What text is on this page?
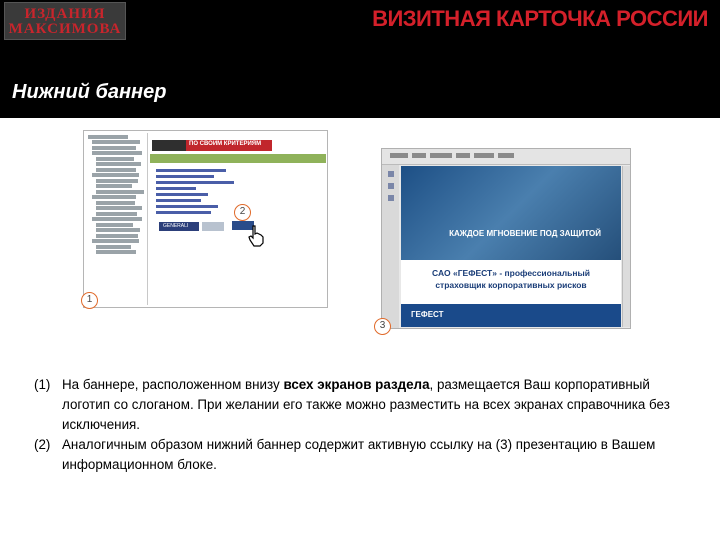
ИЗДАНИЯ
МАКСИМОВА	ВИЗИТНАЯ КАРТОЧКА РОССИИ
Нижний баннер
ПО СВОИМ КРИТЕРИЯМ
GENERALI
1
2
КАЖДОЕ МГНОВЕНИЕ ПОД ЗАЩИТОЙ
САО «ГЕФЕСТ» - профессиональный
страховщик корпоративных рисков
ГЕФЕСТ
3
(1) На баннере, расположенном внизу всех экранов раздела, размещается Ваш корпоративный логотип со слоганом. При желании его также можно разместить на всех экранах справочника без исключения.
(2) Аналогичным образом нижний баннер содержит активную ссылку на (3) презентацию в Вашем информационном блоке.
